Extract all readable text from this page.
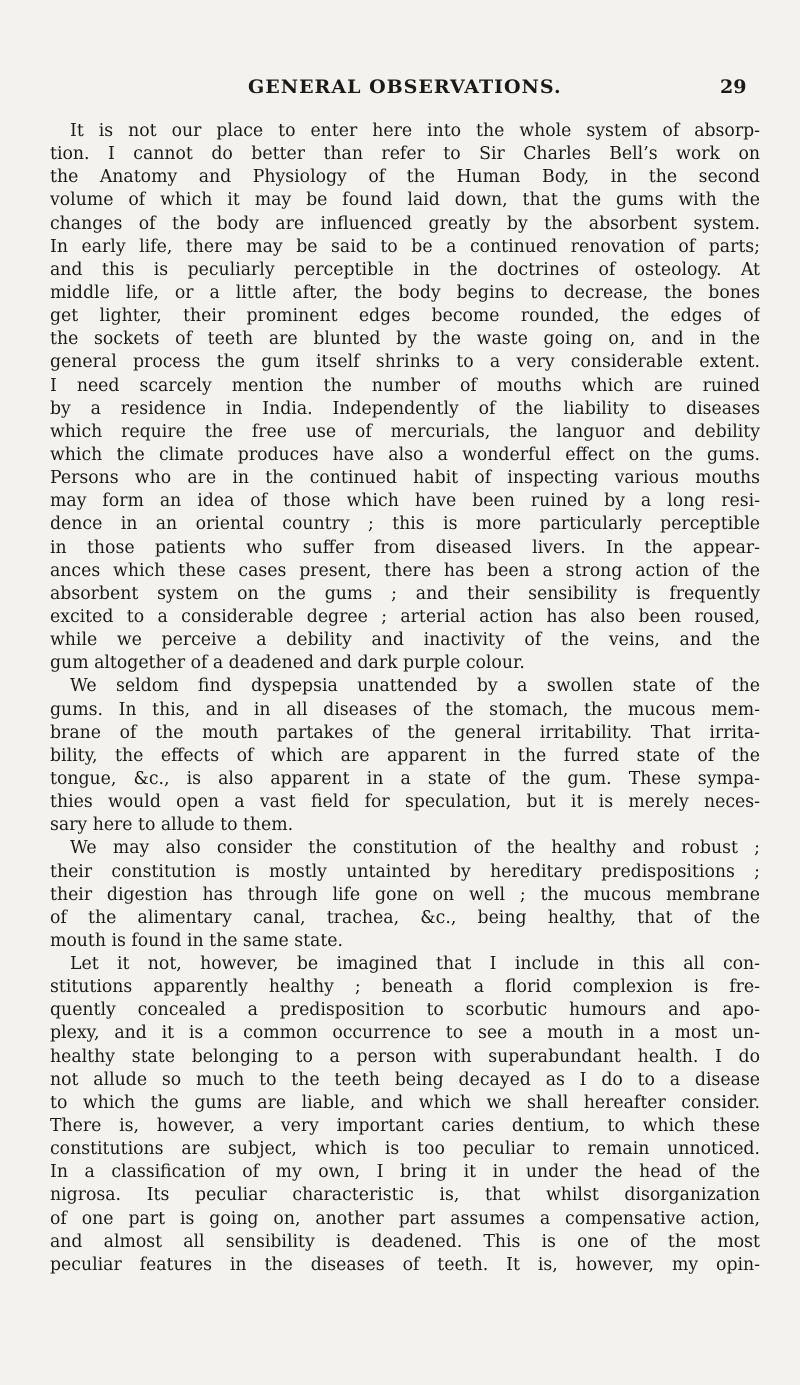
GENERAL OBSERVATIONS.	29
It is not our place to enter here into the whole system of absorp-
tion. I cannot do better than refer to Sir Charles Bell’s work on
the Anatomy and Physiology of the Human Body, in the second
volume of which it may be found laid down, that the gums with the
changes of the body are influenced greatly by the absorbent system.
In early life, there may be said to be a continued renovation of parts;
and this is peculiarly perceptible in the doctrines of osteology. At
middle life, or a little after, the body begins to decrease, the bones
get lighter, their prominent edges become rounded, the edges of
the sockets of teeth are blunted by the waste going on, and in the
general process the gum itself shrinks to a very considerable extent.
I need scarcely mention the number of mouths which are ruined
by a residence in India. Independently of the liability to diseases
which require the free use of mercurials, the languor and debility
which the climate produces have also a wonderful effect on the gums.
Persons who are in the continued habit of inspecting various mouths
may form an idea of those which have been ruined by a long resi-
dence in an oriental country ; this is more particularly perceptible
in those patients who suffer from diseased livers. In the appear-
ances which these cases present, there has been a strong action of the
absorbent system on the gums ; and their sensibility is frequently
excited to a considerable degree ; arterial action has also been roused,
while we perceive a debility and inactivity of the veins, and the
gum altogether of a deadened and dark purple colour.
We seldom find dyspepsia unattended by a swollen state of the
gums. In this, and in all diseases of the stomach, the mucous mem-
brane of the mouth partakes of the general irritability. That irrita-
bility, the effects of which are apparent in the furred state of the
tongue, &c., is also apparent in a state of the gum. These sympa-
thies would open a vast field for speculation, but it is merely neces-
sary here to allude to them.
We may also consider the constitution of the healthy and robust ;
their constitution is mostly untainted by hereditary predispositions ;
their digestion has through life gone on well ; the mucous membrane
of the alimentary canal, trachea, &c., being healthy, that of the
mouth is found in the same state.
Let it not, however, be imagined that I include in this all con-
stitutions apparently healthy ; beneath a florid complexion is fre-
quently concealed a predisposition to scorbutic humours and apo-
plexy, and it is a common occurrence to see a mouth in a most un-
healthy state belonging to a person with superabundant health. I do
not allude so much to the teeth being decayed as I do to a disease
to which the gums are liable, and which we shall hereafter consider.
There is, however, a very important caries dentium, to which these
constitutions are subject, which is too peculiar to remain unnoticed.
In a classification of my own, I bring it in under the head of the
nigrosa. Its peculiar characteristic is, that whilst disorganization
of one part is going on, another part assumes a compensative action,
and almost all sensibility is deadened. This is one of the most
peculiar features in the diseases of teeth. It is, however, my opin-
